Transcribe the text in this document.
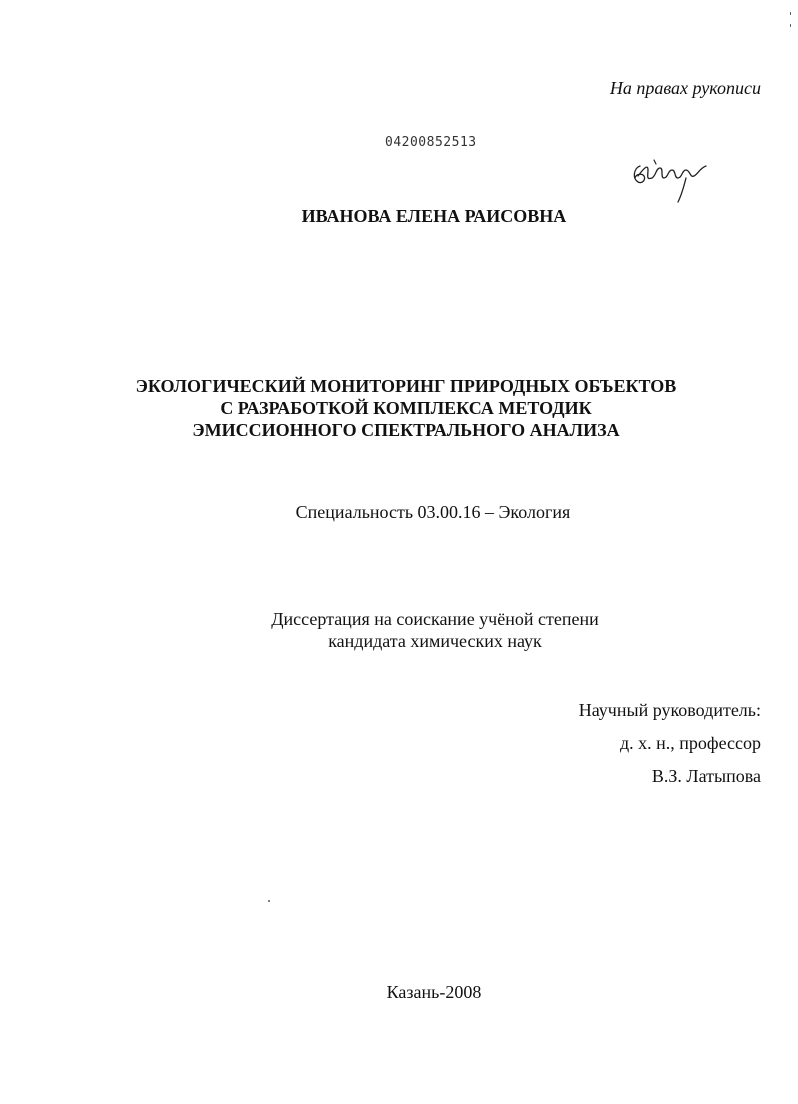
На правах рукописи
04200852513
ИВАНОВА ЕЛЕНА РАИСОВНА
ЭКОЛОГИЧЕСКИЙ МОНИТОРИНГ ПРИРОДНЫХ ОБЪЕКТОВ
С РАЗРАБОТКОЙ КОМПЛЕКСА МЕТОДИК
ЭМИССИОННОГО СПЕКТРАЛЬНОГО АНАЛИЗА
Специальность 03.00.16 – Экология
Диссертация на соискание учёной степени
кандидата химических наук
Научный руководитель:
д. х. н., профессор
В.З. Латыпова
Казань-2008
